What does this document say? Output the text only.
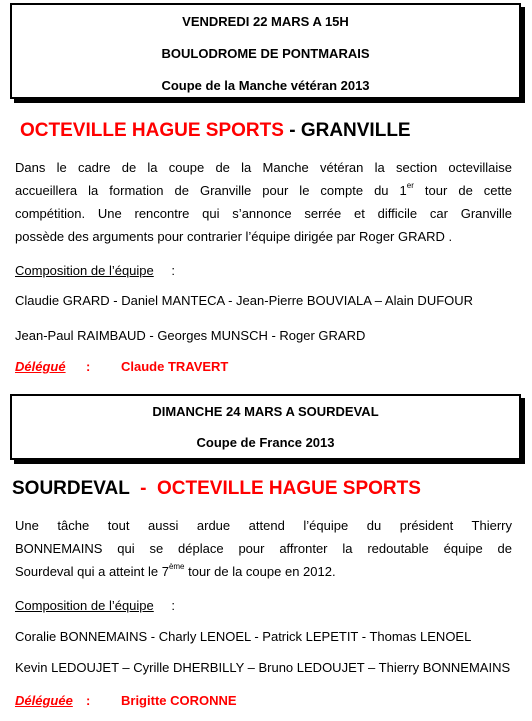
VENDREDI 22 MARS A 15H
BOULODROME DE PONTMARAIS
Coupe de la Manche vétéran 2013
OCTEVILLE HAGUE SPORTS - GRANVILLE
Dans le cadre de la coupe de la Manche vétéran la section octevillaise
accueillera la formation de Granville pour le compte du 1er tour de cette
compétition. Une rencontre qui s’annonce serrée et difficile car Granville
possède des arguments pour contrarier l’équipe dirigée par Roger GRARD .
Composition de l’équipe :
Claudie GRARD - Daniel MANTECA - Jean-Pierre BOUVIALA – Alain DUFOUR
Jean-Paul RAIMBAUD - Georges MUNSCH - Roger GRARD
Délégué : Claude TRAVERT
DIMANCHE 24 MARS A SOURDEVAL
Coupe de France 2013
SOURDEVAL  -  OCTEVILLE HAGUE SPORTS
Une tâche tout aussi ardue attend l’équipe du président Thierry
BONNEMAINS qui se déplace pour affronter la redoutable équipe de
Sourdeval qui a atteint le 7ème tour de la coupe en 2012.
Composition de l’équipe :
Coralie BONNEMAINS - Charly LENOEL - Patrick LEPETIT - Thomas LENOEL
Kevin LEDOUJET – Cyrille DHERBILLY – Bruno LEDOUJET – Thierry BONNEMAINS
Déléguée : Brigitte CORONNE
